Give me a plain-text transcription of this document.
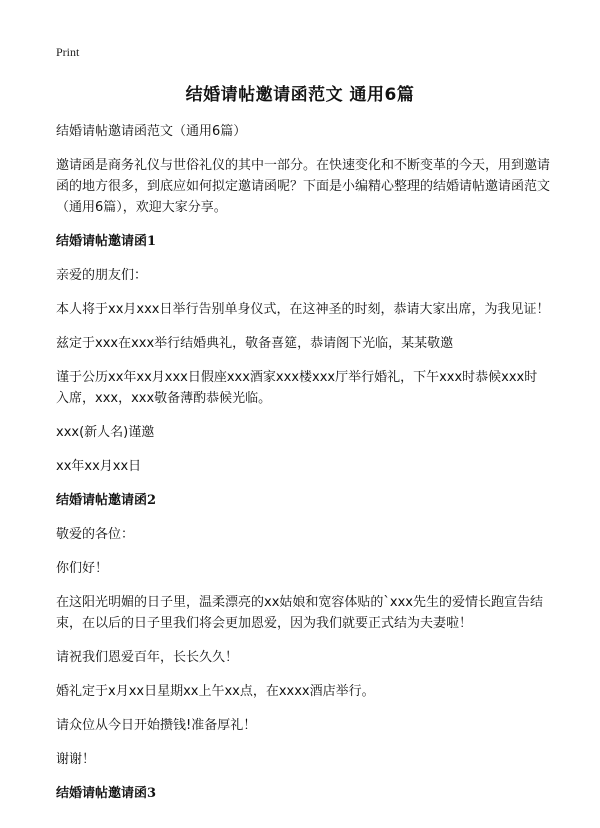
Print
结婚请帖邀请函范文 通用6篇

结婚请帖邀请函范文（通用6篇）

邀请函是商务礼仪与世俗礼仪的其中一部分。在快速变化和不断变革的今天，用到邀请函的地方很多，到底应如何拟定邀请函呢？下面是小编精心整理的结婚请帖邀请函范文（通用6篇），欢迎大家分享。

结婚请帖邀请函1

亲爱的朋友们：

本人将于xx月xxx日举行告别单身仪式，在这神圣的时刻，恭请大家出席，为我见证！

兹定于xxx在xxx举行结婚典礼，敬备喜筵，恭请阁下光临，某某敬邀

谨于公历xx年xx月xxx日假座xxx酒家xxx楼xxx厅举行婚礼，下午xxx时恭候xxx时入席，xxx，xxx敬备薄酌恭候光临。

xxx(新人名)谨邀

xx年xx月xx日

结婚请帖邀请函2

敬爱的各位：

你们好！

在这阳光明媚的日子里，温柔漂亮的xx姑娘和宽容体贴的`xxx先生的爱情长跑宣告结束，在以后的日子里我们将会更加恩爱，因为我们就要正式结为夫妻啦！

请祝我们恩爱百年，长长久久！

婚礼定于x月xx日星期xx上午xx点，在xxxx酒店举行。

请众位从今日开始攒钱!准备厚礼！

谢谢！

结婚请帖邀请函3
